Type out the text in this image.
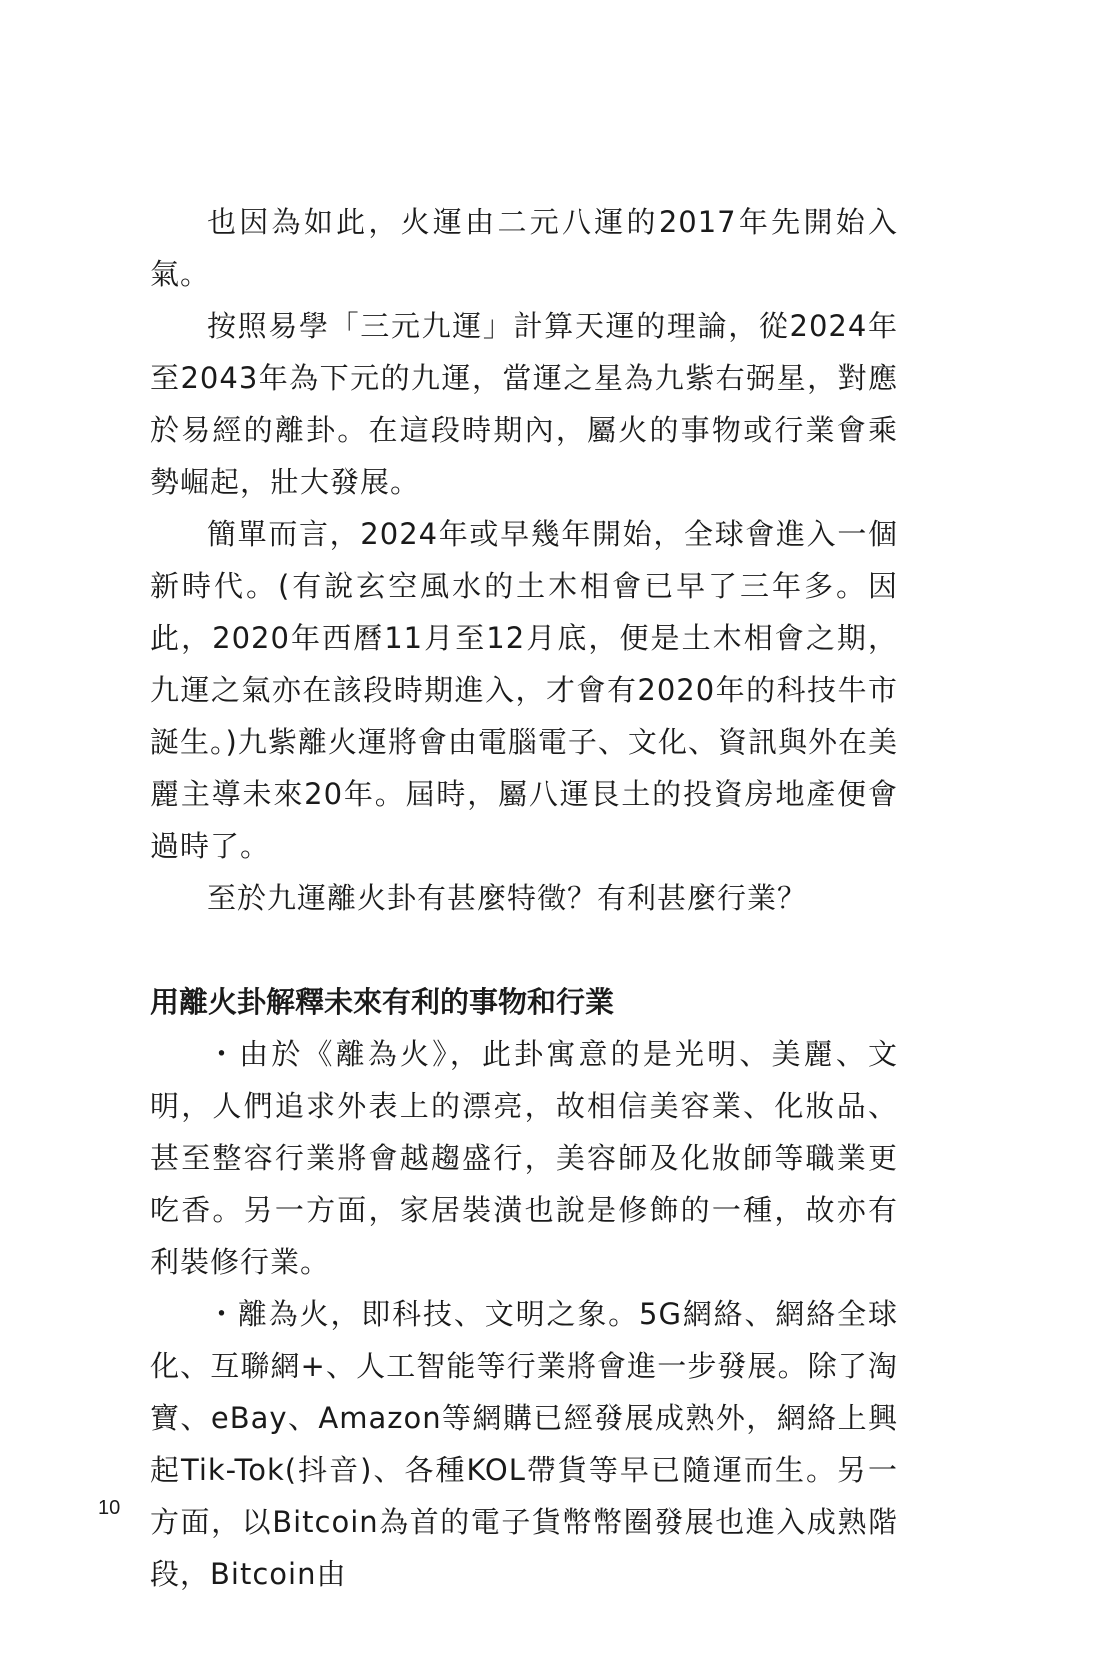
也因為如此，火運由二元八運的2017年先開始入氣。

按照易學「三元九運」計算天運的理論，從2024年至2043年為下元的九運，當運之星為九紫右弼星，對應於易經的離卦。在這段時期內，屬火的事物或行業會乘勢崛起，壯大發展。

簡單而言，2024年或早幾年開始，全球會進入一個新時代。(有說玄空風水的土木相會已早了三年多。因此，2020年西曆11月至12月底，便是土木相會之期，九運之氣亦在該段時期進入，才會有2020年的科技牛市誕生。)九紫離火運將會由電腦電子、文化、資訊與外在美麗主導未來20年。屆時，屬八運艮土的投資房地產便會過時了。

至於九運離火卦有甚麼特徵？有利甚麼行業？

用離火卦解釋未來有利的事物和行業

・由於《離為火》，此卦寓意的是光明、美麗、文明，人們追求外表上的漂亮，故相信美容業、化妝品、甚至整容行業將會越趨盛行，美容師及化妝師等職業更吃香。另一方面，家居裝潢也說是修飾的一種，故亦有利裝修行業。

・離為火，即科技、文明之象。5G網絡、網絡全球化、互聯網+、人工智能等行業將會進一步發展。除了淘寶、eBay、Amazon等網購已經發展成熟外，網絡上興起Tik-Tok(抖音)、各種KOL帶貨等早已隨運而生。另一方面，以Bitcoin為首的電子貨幣幣圈發展也進入成熟階段，Bitcoin由

10
